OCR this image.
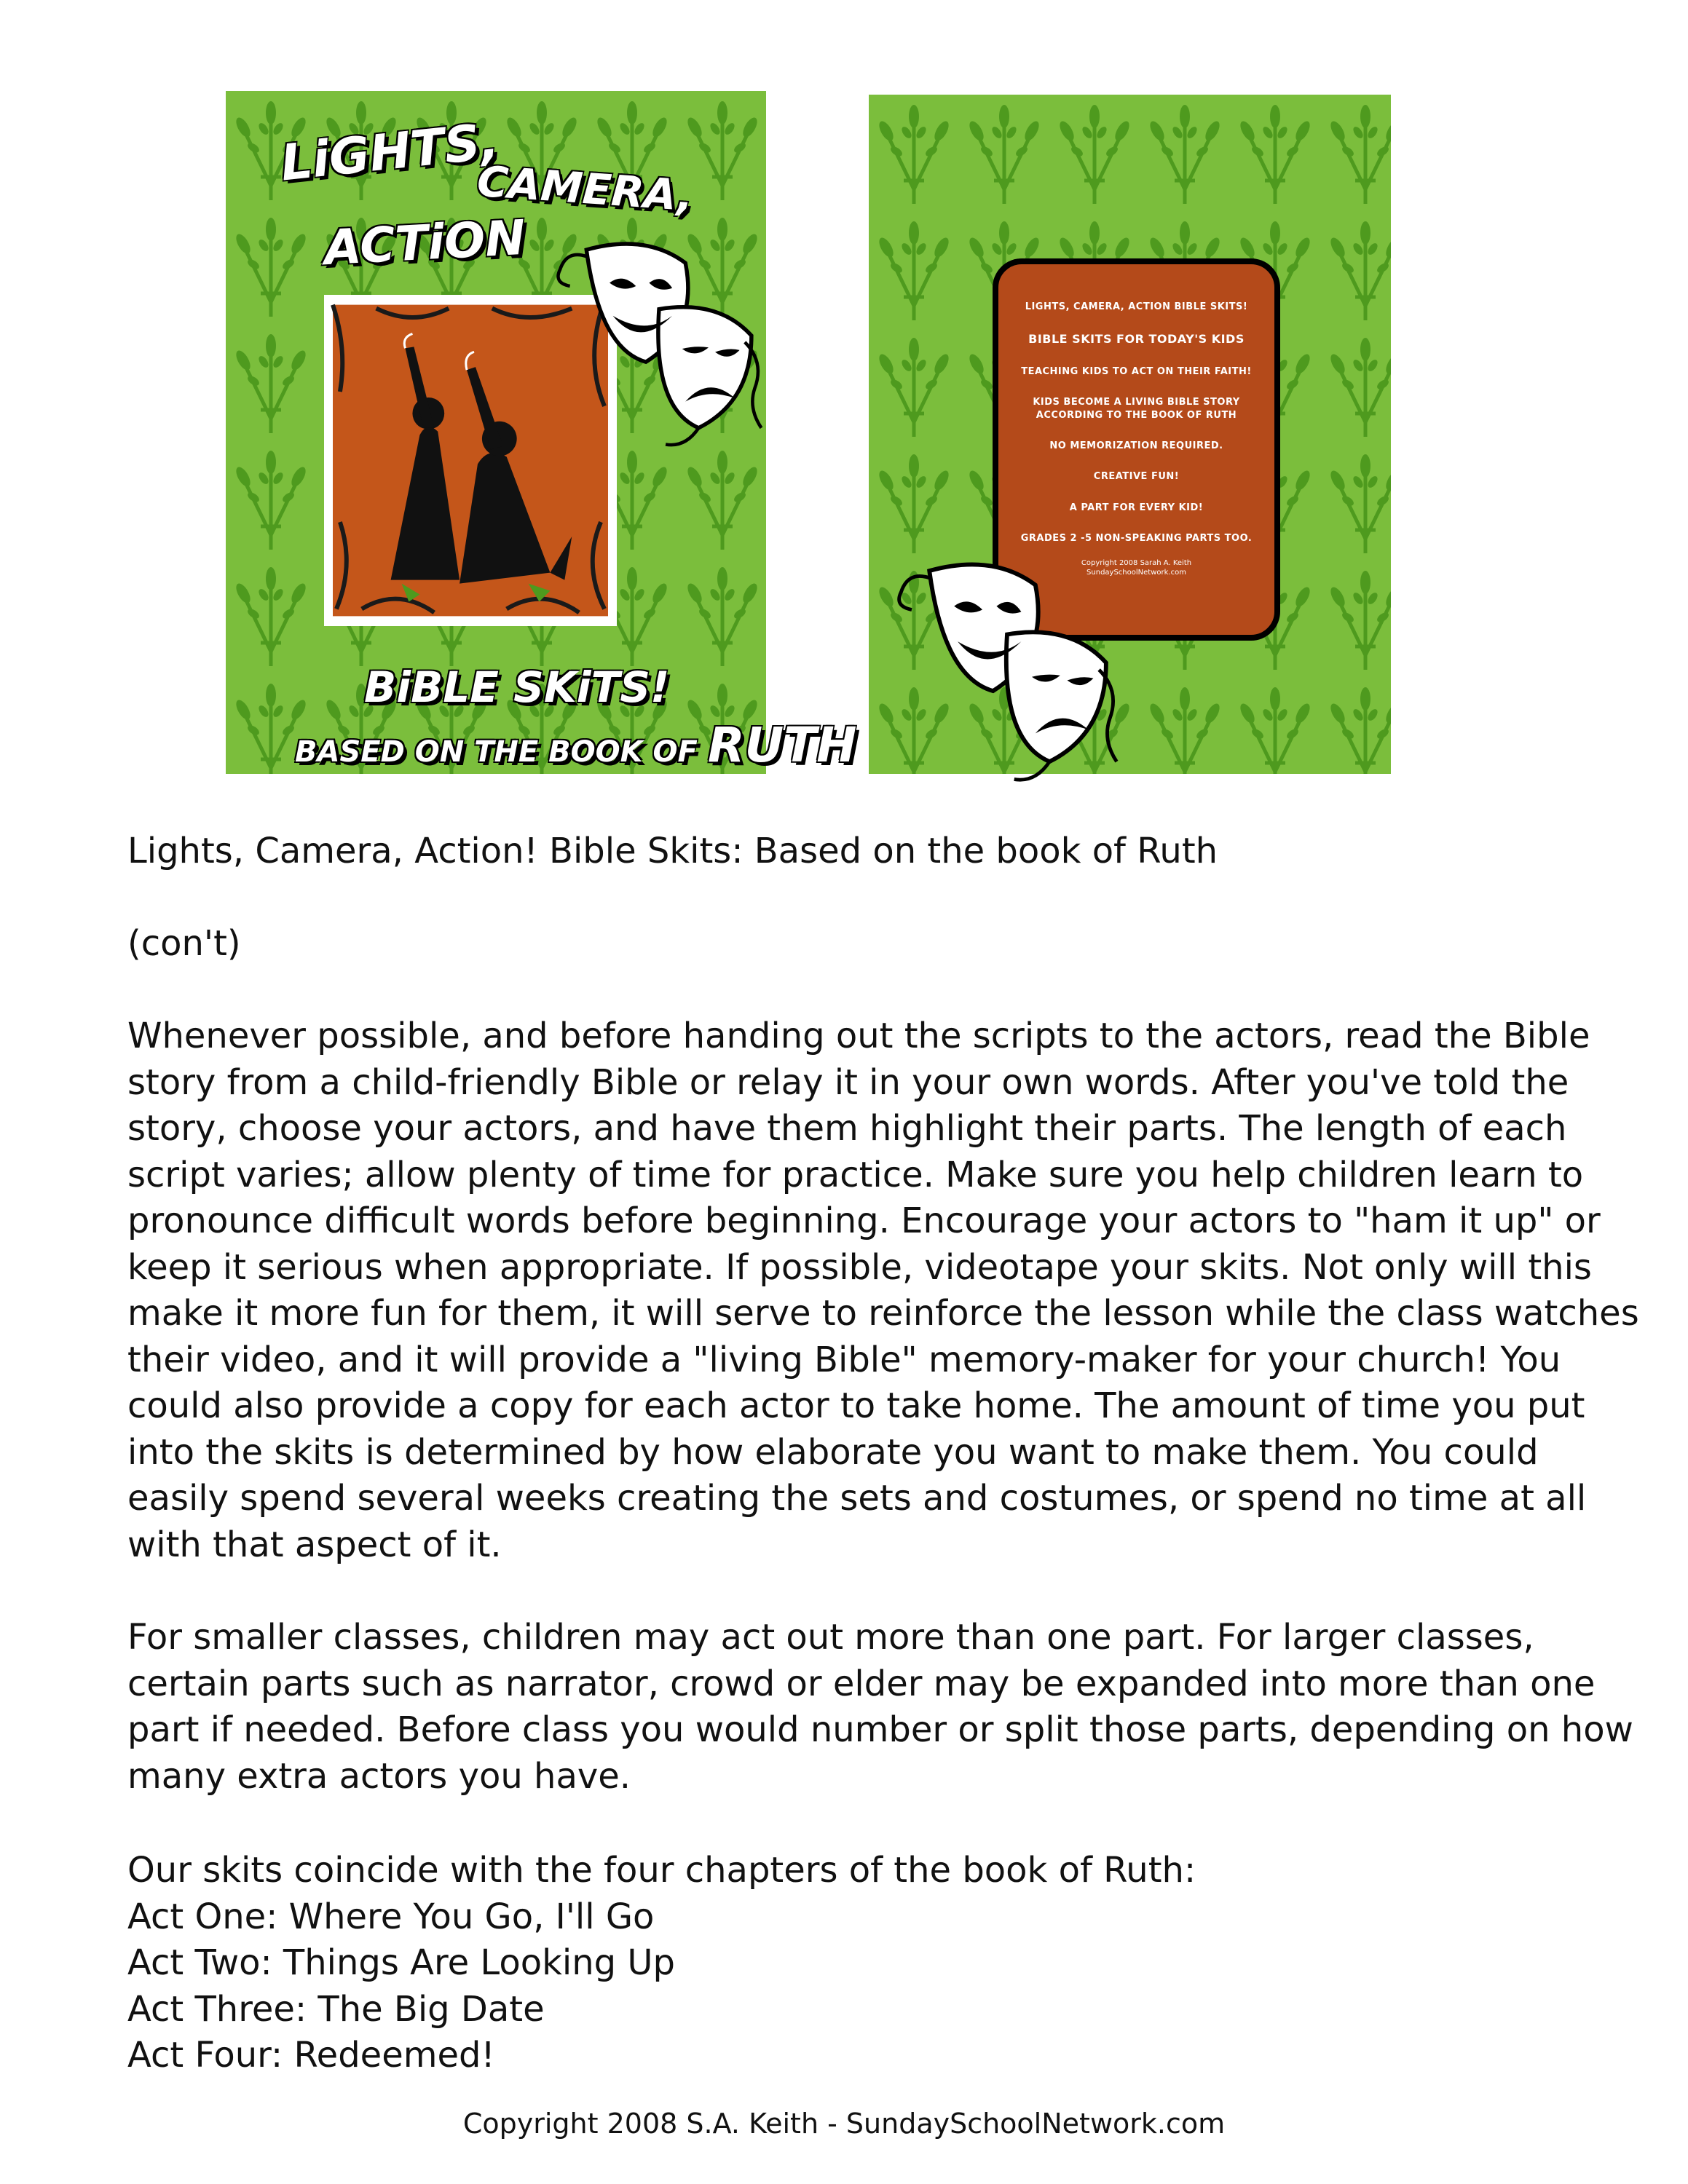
LiGHTS,
CAMERA,
ACTiON
BiBLE SKiTS!
BASED ON THE BOOK OF RUTH
LIGHTS, CAMERA, ACTION BIBLE SKITS!
BIBLE SKITS FOR TODAY'S KIDS
TEACHING KIDS TO ACT ON THEIR FAITH!
KIDS BECOME A LIVING BIBLE STORY ACCORDING TO THE BOOK OF RUTH
NO MEMORIZATION REQUIRED.
CREATIVE FUN!
A PART FOR EVERY KID!
GRADES 2 -5 NON-SPEAKING PARTS TOO.
Copyright 2008 Sarah A. Keith
SundaySchoolNetwork.com
Lights, Camera, Action! Bible Skits: Based on the book of Ruth
(con't)

Whenever possible, and before handing out the scripts to the actors, read the Bible story from a child-friendly Bible or relay it in your own words. After you've told the story, choose your actors, and have them highlight their parts. The length of each script varies; allow plenty of time for practice. Make sure you help children learn to pronounce difficult words before beginning. Encourage your actors to "ham it up" or keep it serious when appropriate. If possible, videotape your skits. Not only will this make it more fun for them, it will serve to reinforce the lesson while the class watches their video, and it will provide a "living Bible" memory-maker for your church! You could also provide a copy for each actor to take home. The amount of time you put into the skits is determined by how elaborate you want to make them. You could easily spend several weeks creating the sets and costumes, or spend no time at all with that aspect of it.

For smaller classes, children may act out more than one part. For larger classes, certain parts such as narrator, crowd or elder may be expanded into more than one part if needed. Before class you would number or split those parts, depending on how many extra actors you have.

Our skits coincide with the four chapters of the book of Ruth:
Act One: Where You Go, I'll Go
Act Two: Things Are Looking Up
Act Three: The Big Date
Act Four: Redeemed!
Copyright 2008 S.A. Keith - SundaySchoolNetwork.com
